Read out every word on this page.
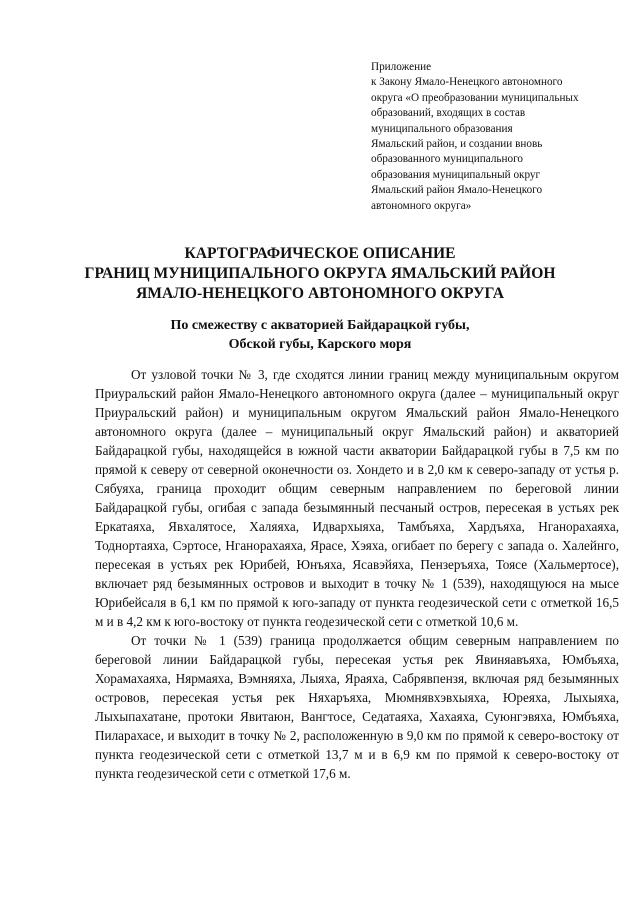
Приложение
к Закону Ямало-Ненецкого автономного
округа «О преобразовании муниципальных
образований, входящих в состав
муниципального образования
Ямальский район, и создании вновь
образованного муниципального
образования муниципальный округ
Ямальский район Ямало-Ненецкого
автономного округа»
КАРТОГРАФИЧЕСКОЕ ОПИСАНИЕ
ГРАНИЦ МУНИЦИПАЛЬНОГО ОКРУГА ЯМАЛЬСКИЙ РАЙОН
ЯМАЛО-НЕНЕЦКОГО АВТОНОМНОГО ОКРУГА
По смежеству с акваторией Байдарацкой губы,
Обской губы, Карского моря

От узловой точки № 3, где сходятся линии границ между муниципальным округом Приуральский район Ямало-Ненецкого автономного округа (далее – муниципальный округ Приуральский район) и муниципальным округом Ямальский район Ямало-Ненецкого автономного округа (далее – муниципальный округ Ямальский район) и акваторией Байдарацкой губы, находящейся в южной части акватории Байдарацкой губы в 7,5 км по прямой к северу от северной оконечности оз. Хондето и в 2,0 км к северо-западу от устья р. Сябуяха, граница проходит общим северным направлением по береговой линии Байдарацкой губы, огибая с запада безымянный песчаный остров, пересекая в устьях рек Еркатаяха, Явхалятосе, Халяяха, Идвархыяха, Тамбъяха, Хардъяха, Нганорахаяха, Тоднортаяха, Сэртосе, Нганорахаяха, Ярасе, Хэяха, огибает по берегу с запада о. Халейнго, пересекая в устьях рек Юрибей, Юнъяха, Ясавэйяха, Пензеръяха, Тоясе (Хальмертосе), включает ряд безымянных островов и выходит в точку № 1 (539), находящуюся на мысе Юрибейсаля в 6,1 км по прямой к юго-западу от пункта геодезической сети с отметкой 16,5 м и в 4,2 км к юго-востоку от пункта геодезической сети с отметкой 10,6 м.

От точки № 1 (539) граница продолжается общим северным направлением по береговой линии Байдарацкой губы, пересекая устья рек Явиняавъяха, Юмбъяха, Хорамахаяха, Нярмаяха, Вэмняяха, Лыяха, Яраяха, Сабрявпензя, включая ряд безымянных островов, пересекая устья рек Няхаръяха, Мюмнявхэвхыяха, Юреяха, Лыхыяха, Лыхыпахатане, протоки Явитаюн, Вангтосе, Седатаяха, Хахаяха, Суюнгэвяха, Юмбъяха, Пиларахасе, и выходит в точку № 2, расположенную в 9,0 км по прямой к северо-востоку от пункта геодезической сети с отметкой 13,7 м и в 6,9 км по прямой к северо-востоку от пункта геодезической сети с отметкой 17,6 м.
